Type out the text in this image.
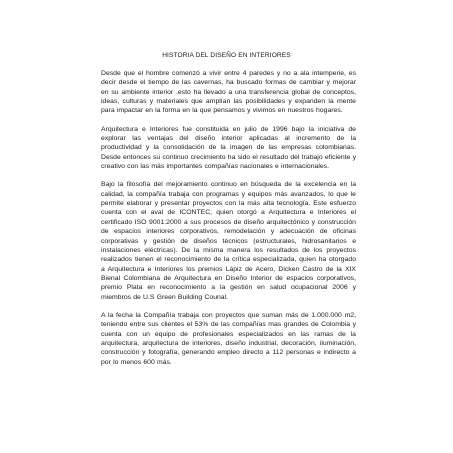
HISTORIA DEL DISEÑO EN INTERIORES

Desde que el hombre comenzó a vivir entre 4 paredes y no a ala intemperie, es decir desde el tiempo de las cavernas, ha buscado formas de cambiar y mejorar en su ambiente interior .esto ha llevado a una transferencia global de conceptos, ideas, culturas y materiales que amplían las posibilidades y expanden la mente para impactar en la forma en la que pensamos y vivimos en nuestros hogares.

Arquitectura e Interiores fue constituida en julio de 1996 bajo la iniciativa de explorar las ventajas del diseño interior aplicadas al incremento de la productividad y la consolidación de la imagen de las empresas colombianas. Desde entonces su continuo crecimiento ha sido el resultado del trabajo eficiente y creativo con las más importantes compañías nacionales e internacionales.

Bajo la filosofía del mejoramiento continuo en búsqueda de la excelencia en la calidad, la compañía trabaja con programas y equipos más avanzados, lo que le permite elaborar y presentar proyectos con la más alta tecnología. Este esfuerzo cuenta con el aval de ICONTEC, quien otorgó a Arquitectura e Interiores el certificado ISO 9001:2000 a sus procesos de diseño arquitectónico y construcción de espacios interiores corporativos, remodelación y adecuación de oficinas corporativas y gestión de diseños técnicos (estructurales, hidrosanitarios e instalaciones eléctricas). De la misma manera los resultados de los proyectos realizados tienen el reconocimiento de la crítica especializada, quien ha otorgado a Arquitectura e Interiores los premios Lápiz de Acero, Dicken Castro de la XIX Bienal Colombiana de Arquitectura en Diseño Interior de espacios corporativos, premio Plata en reconocimiento a la gestión en salud ocupacional 2006 y miembros de U.S Green Building Counal.

A la fecha la Compañía trabaja con proyectos que suman más de 1.000.000 m2, teniendo entre sus clientes el 53% de las compañías mas grandes de Colombia y cuenta con un equipo de profesionales especializados en las ramas de la arquitectura, arquitectura de interiores, diseño industrial, decoración, iluminación, construcción y fotografía, generando empleo directo a 112 personas e indirecto a por lo menos 600 más.
